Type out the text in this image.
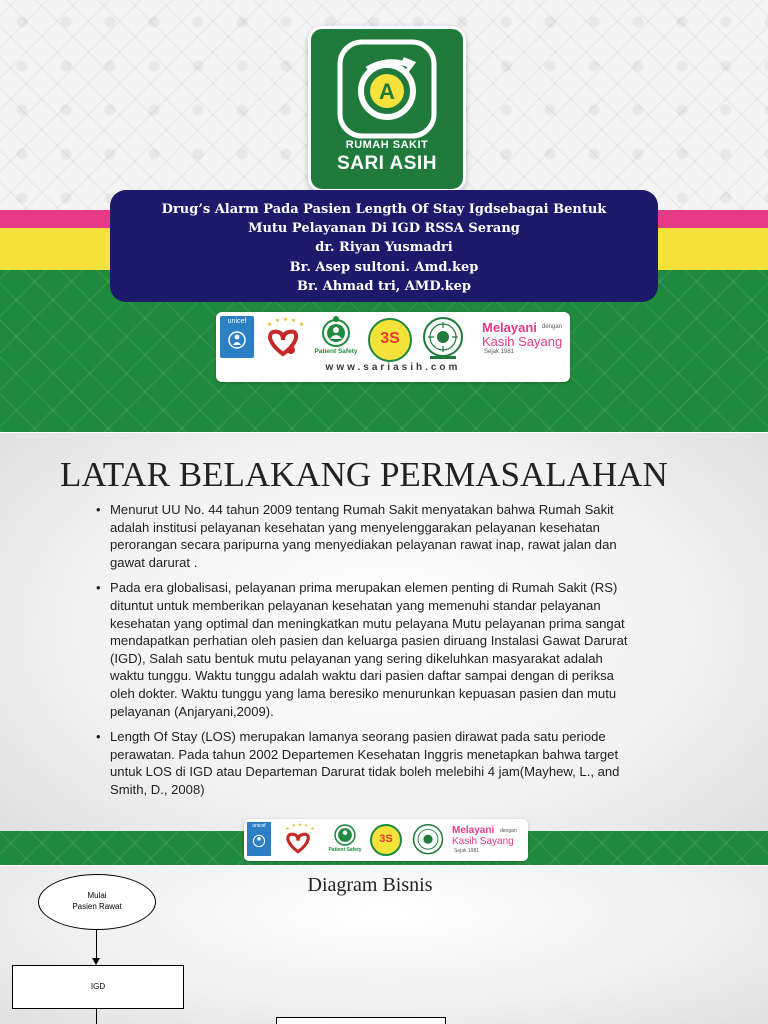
A
RUMAH SAKIT
SARI ASIH
Drug’s Alarm Pada Pasien Length Of Stay Igdsebagai Bentuk
Mutu Pelayanan Di IGD RSSA Serang
dr. Riyan Yusmadri
Br. Asep sultoni. Amd.kep
Br. Ahmad tri, AMD.kep
unicef
Patient Safety
3S
Melayani dengan
Kasih Sayang
Sejak 1981
www.sariasih.com
LATAR BELAKANG PERMASALAHAN
• Menurut UU No. 44 tahun 2009 tentang Rumah Sakit menyatakan bahwa Rumah Sakit adalah institusi pelayanan kesehatan yang menyelenggarakan pelayanan kesehatan perorangan secara paripurna yang menyediakan pelayanan rawat inap, rawat jalan dan gawat darurat .
• Pada era globalisasi, pelayanan prima merupakan elemen penting di Rumah Sakit (RS) dituntut untuk memberikan pelayanan kesehatan yang memenuhi standar pelayanan kesehatan yang optimal dan meningkatkan mutu pelayana Mutu pelayanan prima sangat mendapatkan perhatian oleh pasien dan keluarga pasien diruang Instalasi Gawat Darurat (IGD), Salah satu bentuk mutu pelayanan yang sering dikeluhkan masyarakat adalah waktu tunggu. Waktu tunggu adalah waktu dari pasien daftar sampai dengan di periksa oleh dokter. Waktu tunggu yang lama beresiko menurunkan kepuasan pasien dan mutu pelayanan (Anjaryani,2009).
• Length Of Stay (LOS) merupakan lamanya seorang pasien dirawat pada satu periode perawatan. Pada tahun 2002 Departemen Kesehatan Inggris menetapkan bahwa target untuk LOS di IGD atau Departeman Darurat tidak boleh melebihi 4 jam(Mayhew, L., and Smith, D., 2008)
unicef
Patient Safety
3S
Melayani dengan
Kasih Sayang
Sejak 1981
Diagram Bisnis
Mulai
Pasien Rawat
IGD
